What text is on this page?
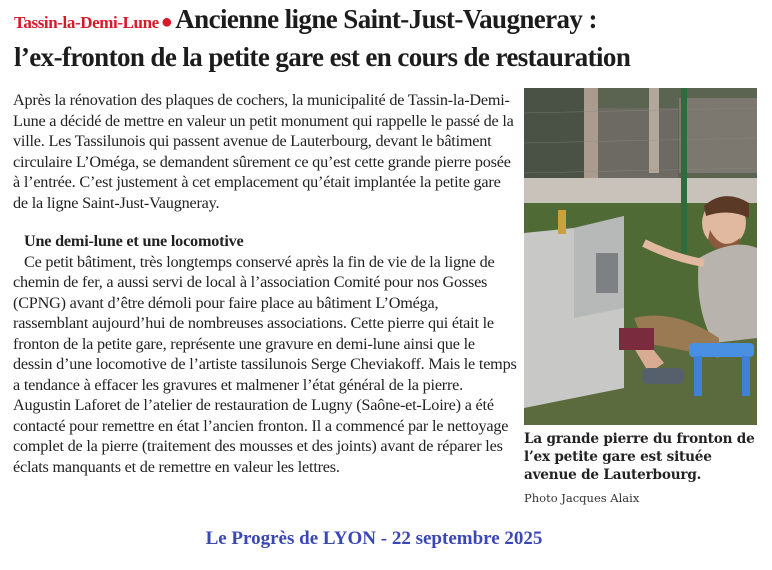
Tassin-la-Demi-Lune ● Ancienne ligne Saint-Just-Vaugneray :
l’ex-fronton de la petite gare est en cours de restauration

Après la rénovation des plaques de cochers, la municipalité de Tassin-la-Demi-Lune a décidé de mettre en valeur un petit monument qui rappelle le passé de la ville. Les Tassilunois qui passent avenue de Lauterbourg, devant le bâtiment circulaire L’Oméga, se demandent sûrement ce qu’est cette grande pierre posée à l’entrée. C’est justement à cet emplacement qu’était implantée la petite gare de la ligne Saint-Just-Vaugneray.

Une demi-lune et une locomotive

Ce petit bâtiment, très longtemps conservé après la fin de vie de la ligne de chemin de fer, a aussi servi de local à l’association Comité pour nos Gosses (CPNG) avant d’être démoli pour faire place au bâtiment L’Oméga, rassemblant aujourd’hui de nombreuses associations. Cette pierre qui était le fronton de la petite gare, représente une gravure en demi-lune ainsi que le dessin d’une locomotive de l’artiste tassilunois Serge Cheviakoff. Mais le temps a tendance à effacer les gravures et malmener l’état général de la pierre. Augustin Laforet de l’atelier de restauration de Lugny (Saône-et-Loire) a été contacté pour remettre en état l’ancien fronton. Il a commencé par le nettoyage complet de la pierre (traitement des mousses et des joints) avant de réparer les éclats manquants et de remettre en valeur les lettres.

La grande pierre du fronton de l’ex petite gare est située avenue de Lauterbourg.
Photo Jacques Alaix
Le Progrès de LYON - 22 septembre 2025
